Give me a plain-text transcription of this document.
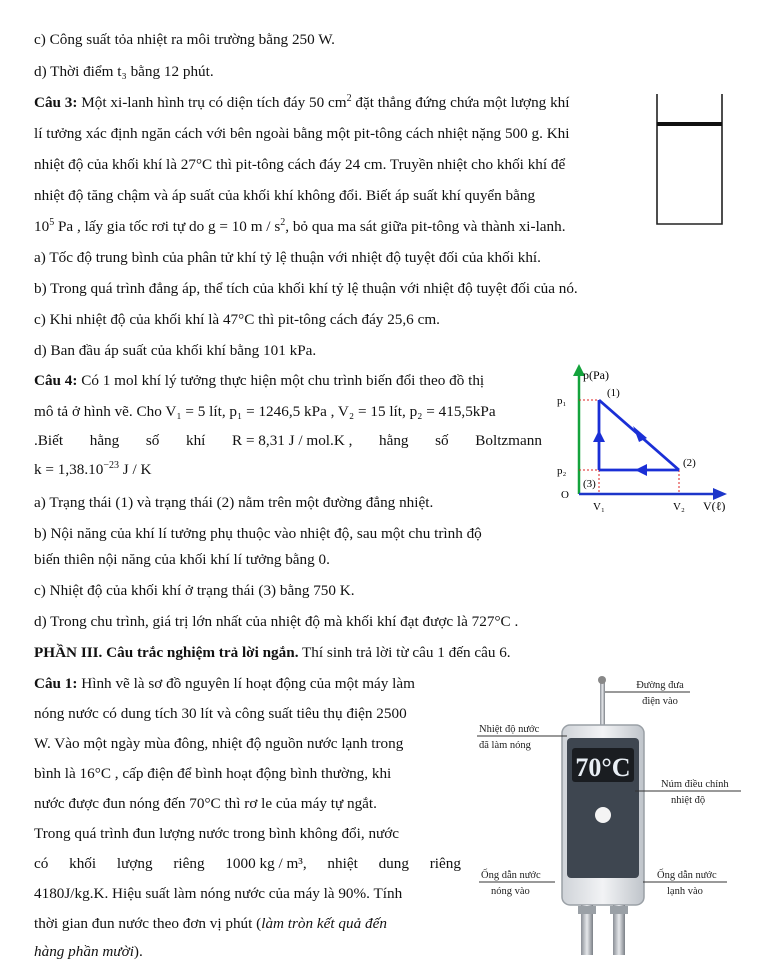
c) Công suất tỏa nhiệt ra môi trường bằng 250 W.
d) Thời điểm t₃ bằng 12 phút.
Câu 3: Một xi-lanh hình trụ có diện tích đáy 50 $cm^2$ đặt thẳng đứng chứa một lượng khí
lí tưởng xác định ngăn cách với bên ngoài bằng một pit-tông cách nhiệt nặng 500 g. Khi
nhiệt độ của khối khí là 27°C thì pit-tông cách đáy 24 cm. Truyền nhiệt cho khối khí để
nhiệt độ tăng chậm và áp suất của khối khí không đổi. Biết áp suất khí quyển bằng
$10^5$ Pa , lấy gia tốc rơi tự do g = 10 m / $s^2$, bỏ qua ma sát giữa pit-tông và thành xi-lanh.
a) Tốc độ trung bình của phân tử khí tỷ lệ thuận với nhiệt độ tuyệt đối của khối khí.
b) Trong quá trình đẳng áp, thể tích của khối khí tỷ lệ thuận với nhiệt độ tuyệt đối của nó.
c) Khi nhiệt độ của khối khí là 47°C thì pit-tông cách đáy 25,6 cm.
d) Ban đầu áp suất của khối khí bằng 101 kPa.
Câu 4: Có 1 mol khí lý tưởng thực hiện một chu trình biến đổi theo đồ thị
mô tả ở hình vẽ. Cho V₁ = 5 lít, p₁ = 1246,5 kPa , V₂ = 15 lít, p₂ = 415,5kPa
.Biết hằng số khí R = 8,31 J / mol.K , hằng số Boltzmann
$k = 1,38.10^{-23}$ J / K
a) Trạng thái (1) và trạng thái (2) nằm trên một đường đẳng nhiệt.
b) Nội năng của khí lí tưởng phụ thuộc vào nhiệt độ, sau một chu trình độ
biến thiên nội năng của khối khí lí tưởng bằng 0.
c) Nhiệt độ của khối khí ở trạng thái (3) bằng 750 K.
d) Trong chu trình, giá trị lớn nhất của nhiệt độ mà khối khí đạt được là 727°C .
PHẦN III. Câu trắc nghiệm trả lời ngắn. Thí sinh trả lời từ câu 1 đến câu 6.
Câu 1: Hình vẽ là sơ đồ nguyên lí hoạt động của một máy làm
nóng nước có dung tích 30 lít và công suất tiêu thụ điện 2500
W. Vào một ngày mùa đông, nhiệt độ nguồn nước lạnh trong
bình là 16°C , cấp điện để bình hoạt động bình thường, khi
nước được đun nóng đến 70°C thì rơ le của máy tự ngắt.
Trong quá trình đun lượng nước trong bình không đổi, nước
có khối lượng riêng 1000 kg / m³, nhiệt dung riêng
4180J/kg.K. Hiệu suất làm nóng nước của máy là 90%. Tính
thời gian đun nước theo đơn vị phút (làm tròn kết quả đến
hàng phần mười).
p(Pa)
V(ℓ)
O
p₁
p₂
V₁	V₂
(1)
(2)
(3)
70°C
Đường đưa
điện vào
Nhiệt độ nước
đã làm nóng
Núm điều chỉnh
nhiệt độ
Ống dẫn nước
nóng vào
Ống dẫn nước
lạnh vào
